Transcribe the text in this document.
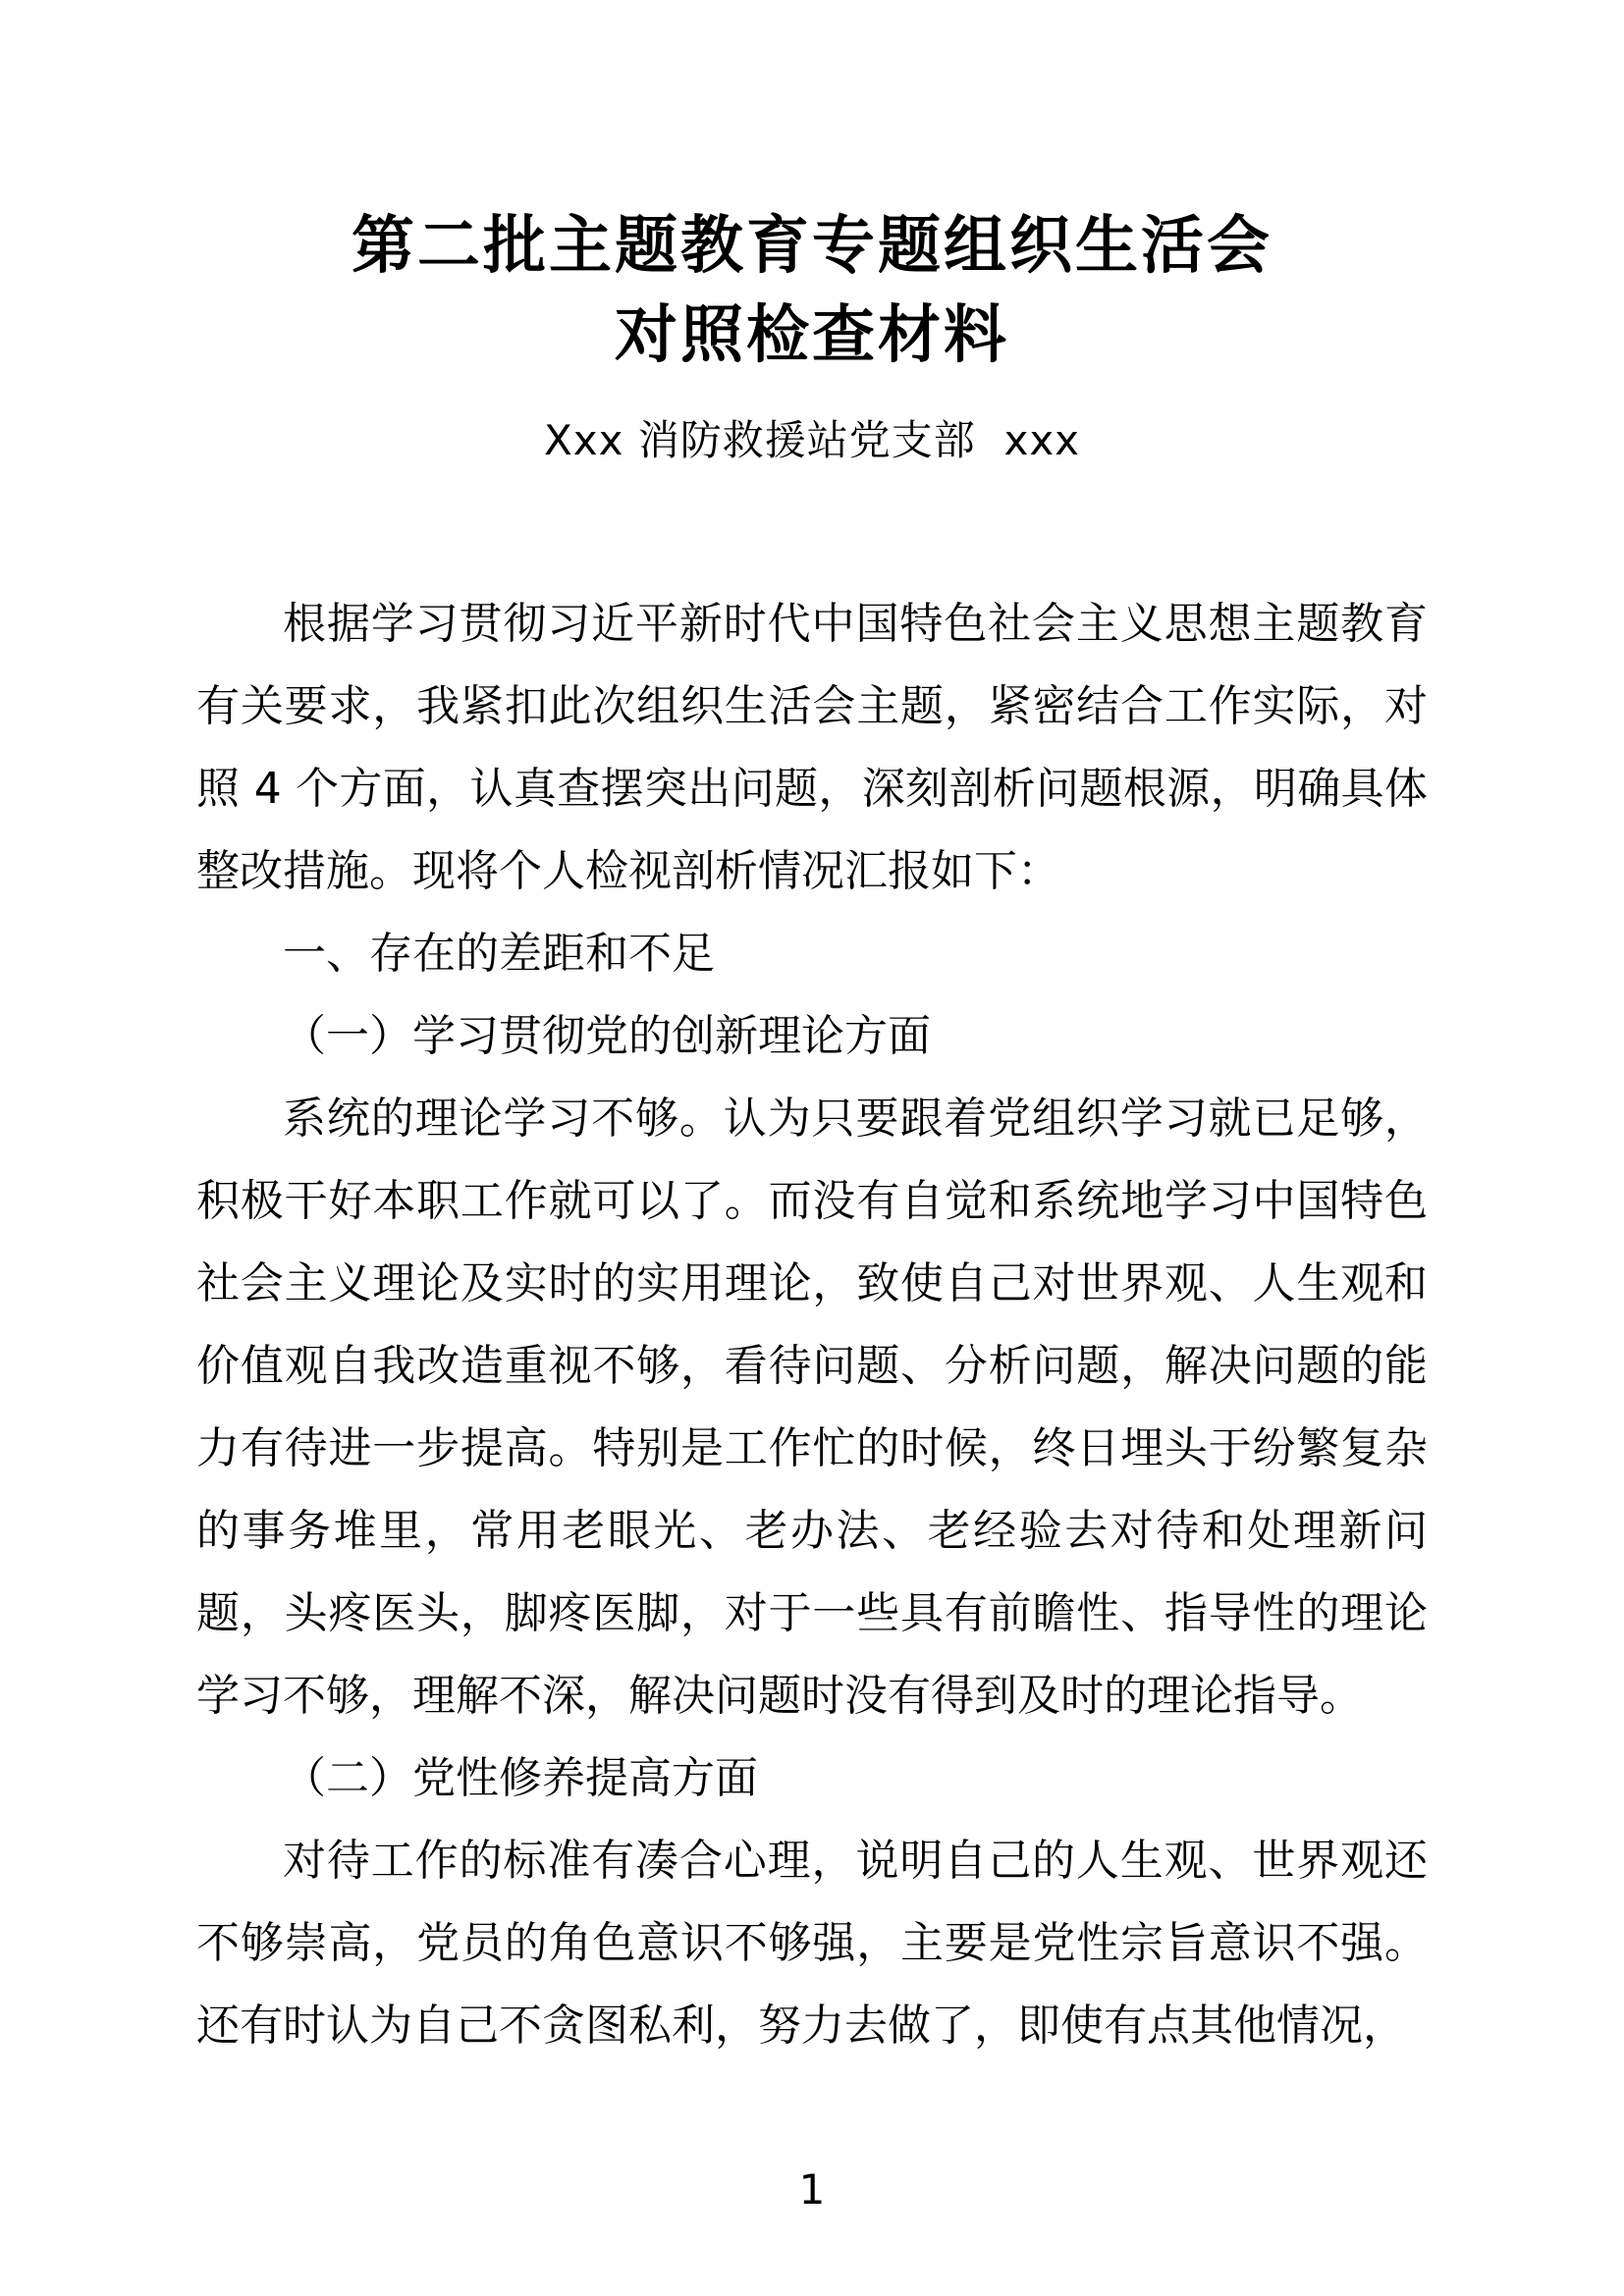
第二批主题教育专题组织生活会
对照检查材料
Xxx 消防救援站党支部  xxx

根据学习贯彻习近平新时代中国特色社会主义思想主题教育有关要求，我紧扣此次组织生活会主题，紧密结合工作实际，对照 4 个方面，认真查摆突出问题，深刻剖析问题根源，明确具体整改措施。现将个人检视剖析情况汇报如下：

一、存在的差距和不足

（一）学习贯彻党的创新理论方面

系统的理论学习不够。认为只要跟着党组织学习就已足够，积极干好本职工作就可以了。而没有自觉和系统地学习中国特色社会主义理论及实时的实用理论，致使自己对世界观、人生观和价值观自我改造重视不够，看待问题、分析问题，解决问题的能力有待进一步提高。特别是工作忙的时候，终日埋头于纷繁复杂的事务堆里，常用老眼光、老办法、老经验去对待和处理新问题，头疼医头，脚疼医脚，对于一些具有前瞻性、指导性的理论学习不够，理解不深，解决问题时没有得到及时的理论指导。

（二）党性修养提高方面

对待工作的标准有凑合心理，说明自己的人生观、世界观还不够崇高，党员的角色意识不够强，主要是党性宗旨意识不强。还有时认为自己不贪图私利，努力去做了，即使有点其他情况，

1
